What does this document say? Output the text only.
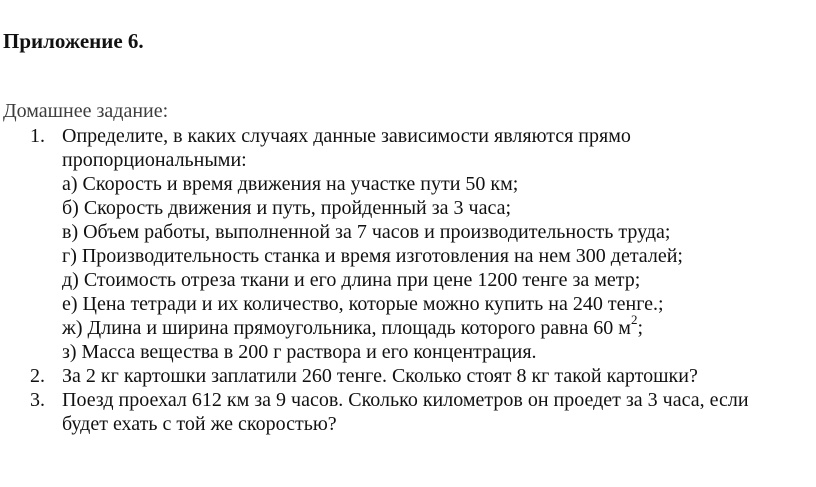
Приложение 6.
Домашнее задание:
1. Определите, в каких случаях данные зависимости являются прямо
пропорциональными:
а) Скорость и время движения на участке пути 50 км;
б) Скорость движения и путь, пройденный за 3 часа;
в) Объем работы, выполненной за 7 часов и производительность труда;
г) Производительность станка и время изготовления на нем 300 деталей;
д) Стоимость отреза ткани и его длина при цене 1200 тенге за метр;
е) Цена тетради и их количество, которые можно купить на 240 тенге.;
ж) Длина и ширина прямоугольника, площадь которого равна 60 $м^2$;
з) Масса вещества в 200 г раствора и его концентрация.
2. За 2 кг картошки заплатили 260 тенге. Сколько стоят 8 кг такой картошки?
3. Поезд проехал 612 км за 9 часов. Сколько километров он проедет за 3 часа, если
будет ехать с той же скоростью?
